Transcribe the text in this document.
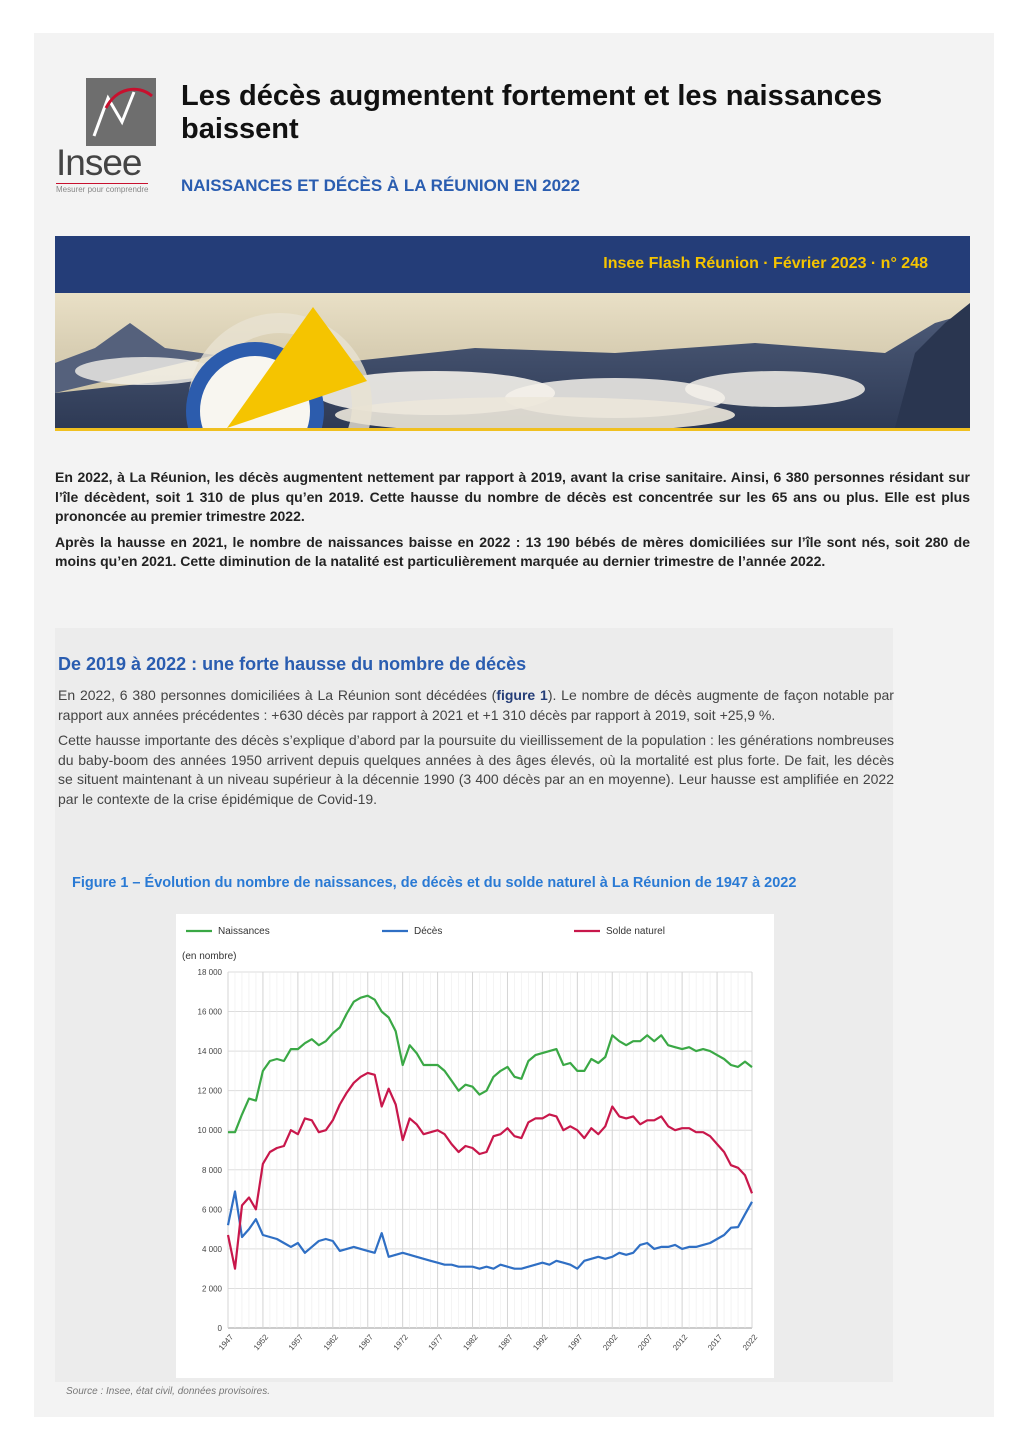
Insee
Mesurer pour comprendre
Les décès augmentent fortement et les naissances baissent
NAISSANCES ET DÉCÈS À LA RÉUNION EN 2022
Insee Flash Réunion · Février 2023 · n° 248

En 2022, à La Réunion, les décès augmentent nettement par rapport à 2019, avant la crise sanitaire. Ainsi, 6 380 personnes résidant sur l’île décèdent, soit 1 310 de plus qu’en 2019. Cette hausse du nombre de décès est concentrée sur les 65 ans ou plus. Elle est plus prononcée au premier trimestre 2022.

Après la hausse en 2021, le nombre de naissances baisse en 2022 : 13 190 bébés de mères domiciliées sur l’île sont nés, soit 280 de moins qu’en 2021. Cette diminution de la natalité est particulièrement marquée au dernier trimestre de l’année 2022.

De 2019 à 2022 : une forte hausse du nombre de décès

En 2022, 6 380 personnes domiciliées à La Réunion sont décédées (figure 1). Le nombre de décès augmente de façon notable par rapport aux années précédentes : +630 décès par rapport à 2021 et +1 310 décès par rapport à 2019, soit +25,9 %.

Cette hausse importante des décès s’explique d’abord par la poursuite du vieillissement de la population : les générations nombreuses du baby-boom des années 1950 arrivent depuis quelques années à des âges élevés, où la mortalité est plus forte. De fait, les décès se situent maintenant à un niveau supérieur à la décennie 1990 (3 400 décès par an en moyenne). Leur hausse est amplifiée en 2022 par le contexte de la crise épidémique de Covid-19.

Figure 1 – Évolution du nombre de naissances, de décès et du solde naturel à La Réunion de 1947 à 2022
Naissances	Décès	Solde naturel
(en nombre)
0
2 000
4 000
6 000
8 000
10 000
12 000
14 000
16 000
18 000
1947 1952 1957 1962 1967 1972 1977 1982 1987 1992 1997 2002 2007 2012 2017 2022
Source : Insee, état civil, données provisoires.
